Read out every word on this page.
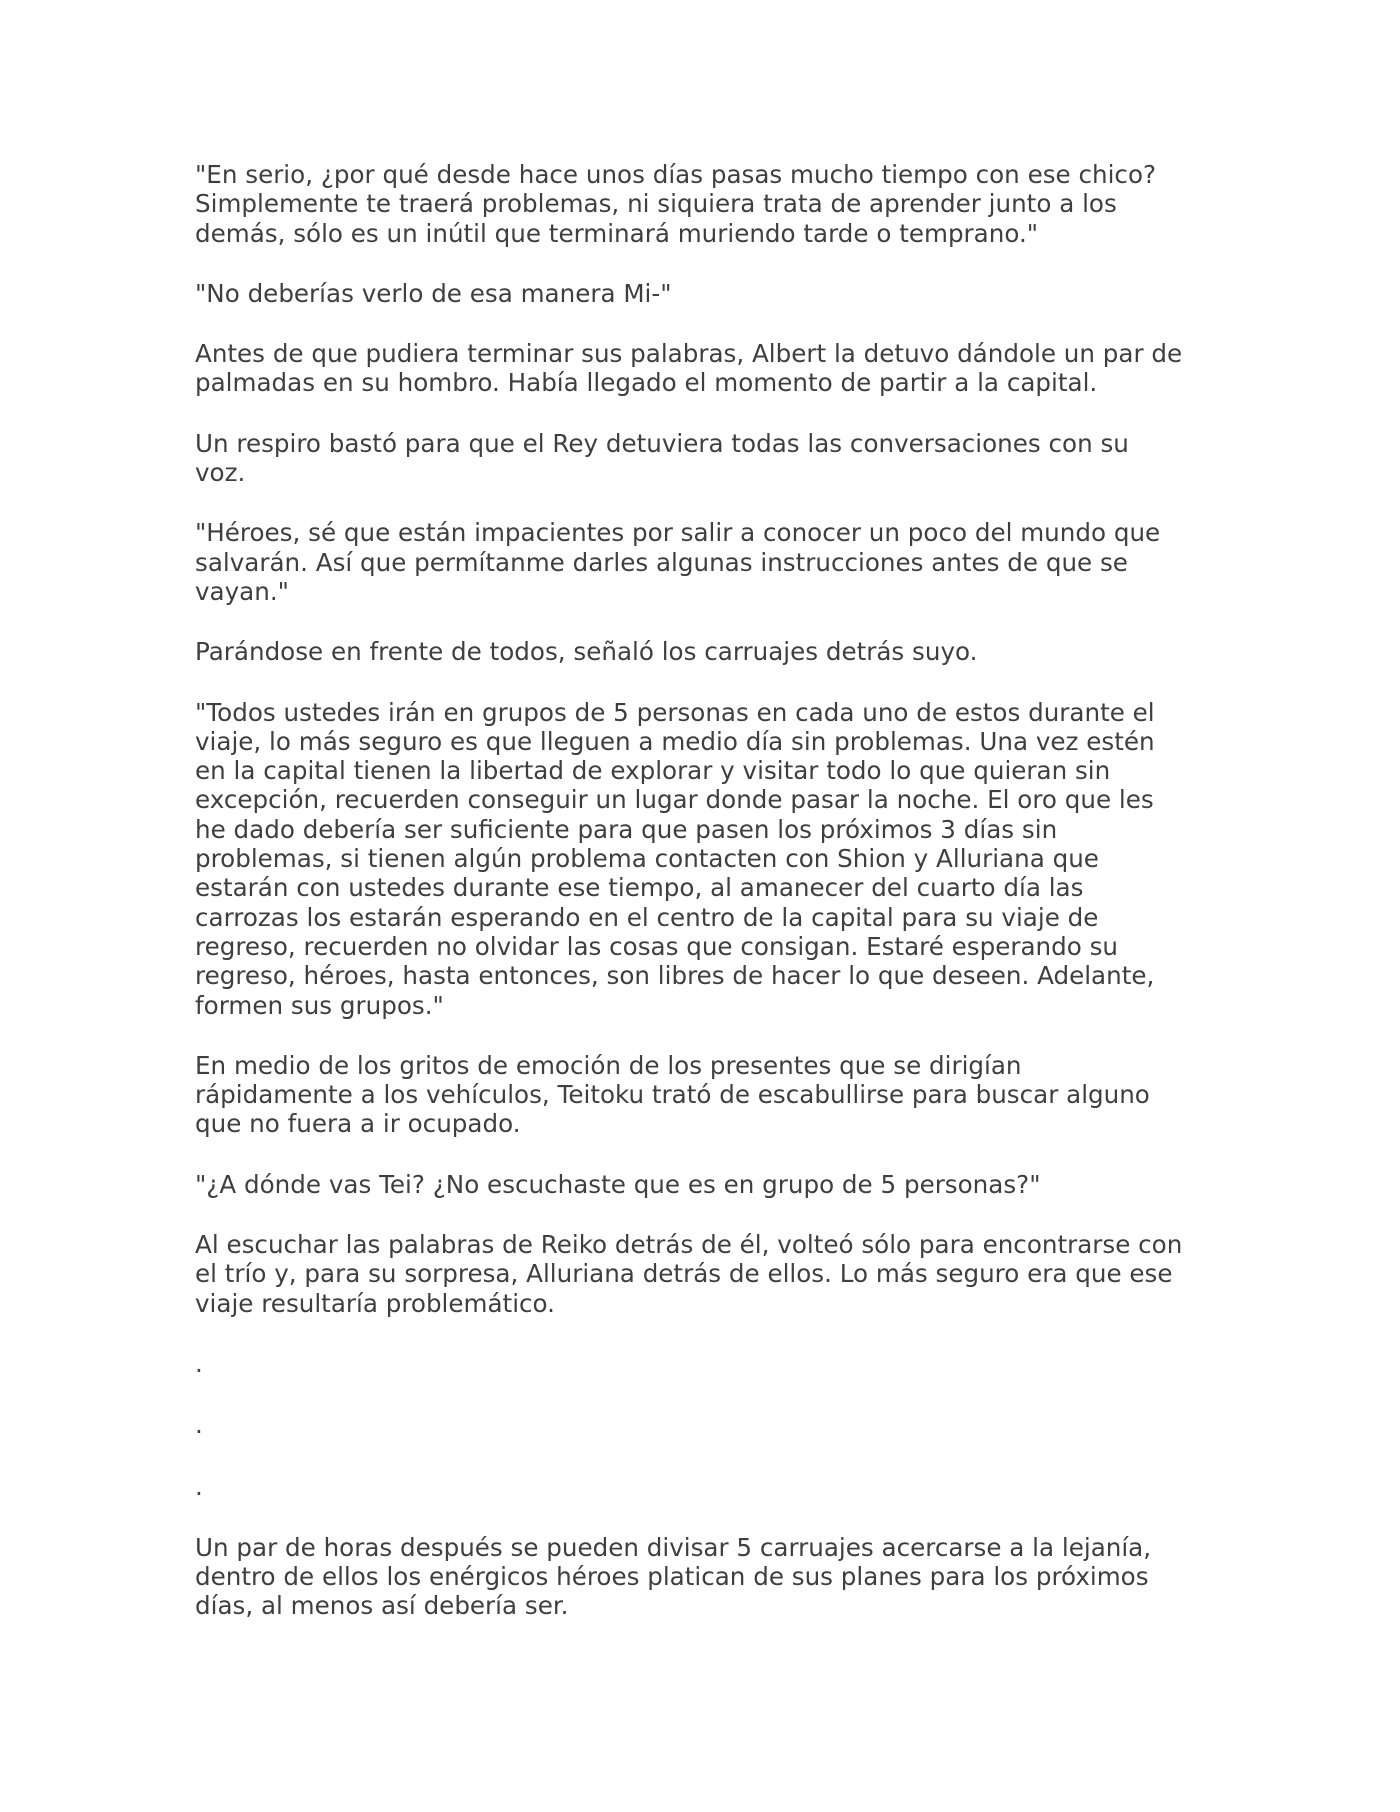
"En serio, ¿por qué desde hace unos días pasas mucho tiempo con ese chico?
Simplemente te traerá problemas, ni siquiera trata de aprender junto a los
demás, sólo es un inútil que terminará muriendo tarde o temprano."

"No deberías verlo de esa manera Mi-"

Antes de que pudiera terminar sus palabras, Albert la detuvo dándole un par de
palmadas en su hombro. Había llegado el momento de partir a la capital.

Un respiro bastó para que el Rey detuviera todas las conversaciones con su
voz.

"Héroes, sé que están impacientes por salir a conocer un poco del mundo que
salvarán. Así que permítanme darles algunas instrucciones antes de que se
vayan."

Parándose en frente de todos, señaló los carruajes detrás suyo.

"Todos ustedes irán en grupos de 5 personas en cada uno de estos durante el
viaje, lo más seguro es que lleguen a medio día sin problemas. Una vez estén
en la capital tienen la libertad de explorar y visitar todo lo que quieran sin
excepción, recuerden conseguir un lugar donde pasar la noche. El oro que les
he dado debería ser suficiente para que pasen los próximos 3 días sin
problemas, si tienen algún problema contacten con Shion y Alluriana que
estarán con ustedes durante ese tiempo, al amanecer del cuarto día las
carrozas los estarán esperando en el centro de la capital para su viaje de
regreso, recuerden no olvidar las cosas que consigan. Estaré esperando su
regreso, héroes, hasta entonces, son libres de hacer lo que deseen. Adelante,
formen sus grupos."

En medio de los gritos de emoción de los presentes que se dirigían
rápidamente a los vehículos, Teitoku trató de escabullirse para buscar alguno
que no fuera a ir ocupado.

"¿A dónde vas Tei? ¿No escuchaste que es en grupo de 5 personas?"

Al escuchar las palabras de Reiko detrás de él, volteó sólo para encontrarse con
el trío y, para su sorpresa, Alluriana detrás de ellos. Lo más seguro era que ese
viaje resultaría problemático.

.

.

.

Un par de horas después se pueden divisar 5 carruajes acercarse a la lejanía,
dentro de ellos los enérgicos héroes platican de sus planes para los próximos
días, al menos así debería ser.
